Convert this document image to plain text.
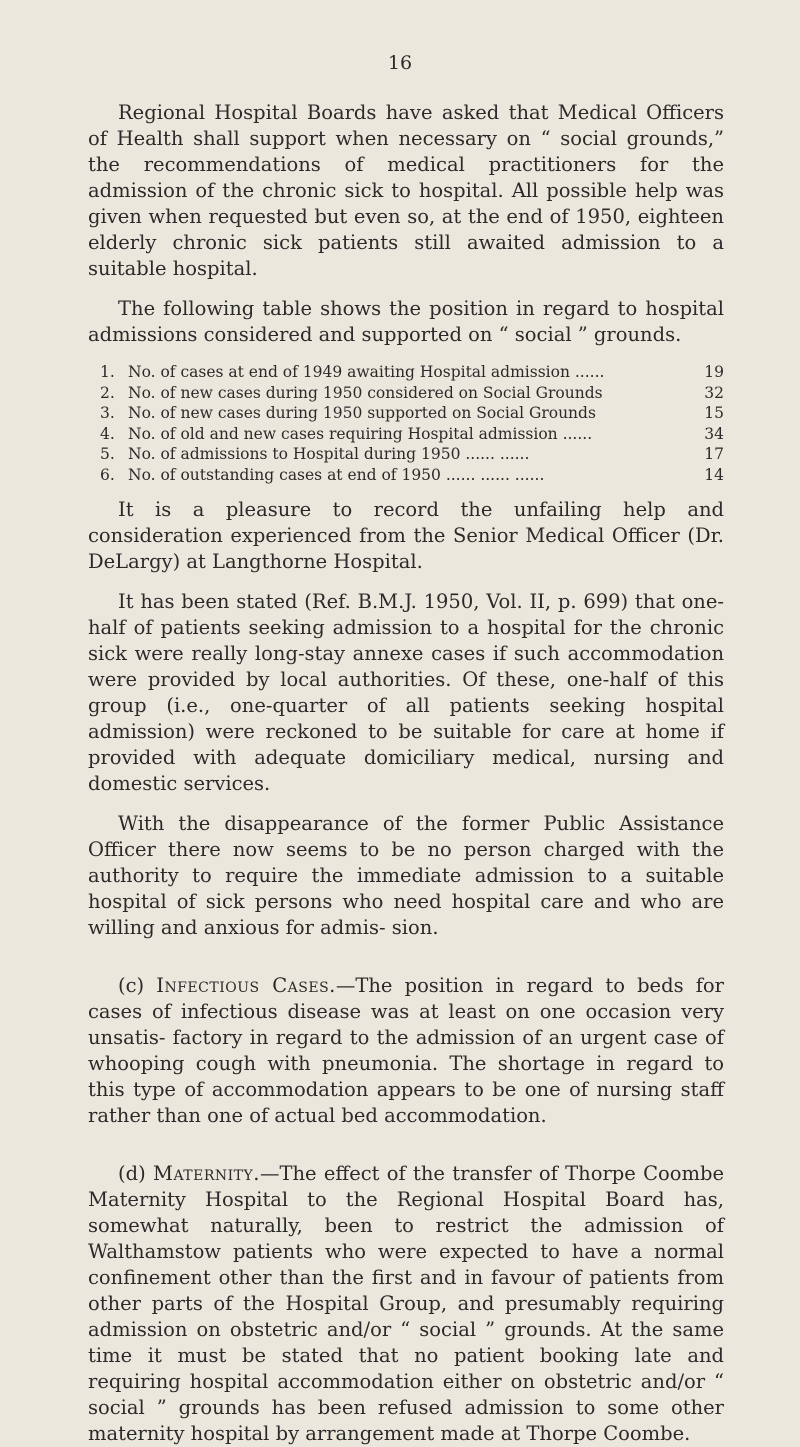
16

Regional Hospital Boards have asked that Medical Officers of Health shall support when necessary on “ social grounds,” the recommendations of medical practitioners for the admission of the chronic sick to hospital. All possible help was given when requested but even so, at the end of 1950, eighteen elderly chronic sick patients still awaited admission to a suitable hospital.

The following table shows the position in regard to hospital admissions considered and supported on “ social ” grounds.

1. No. of cases at end of 1949 awaiting Hospital admission ......	19
2. No. of new cases during 1950 considered on Social Grounds	32
3. No. of new cases during 1950 supported on Social Grounds	15
4. No. of old and new cases requiring Hospital admission ......	34
5. No. of admissions to Hospital during 1950 ...... ......	17
6. No. of outstanding cases at end of 1950 ...... ...... ......	14

It is a pleasure to record the unfailing help and consideration experienced from the Senior Medical Officer (Dr. DeLargy) at Langthorne Hospital.

It has been stated (Ref. B.M.J. 1950, Vol. II, p. 699) that one-half of patients seeking admission to a hospital for the chronic sick were really long-stay annexe cases if such accommodation were provided by local authorities. Of these, one-half of this group (i.e., one-quarter of all patients seeking hospital admission) were reckoned to be suitable for care at home if provided with adequate domiciliary medical, nursing and domestic services.

With the disappearance of the former Public Assistance Officer there now seems to be no person charged with the authority to require the immediate admission to a suitable hospital of sick persons who need hospital care and who are willing and anxious for admis- sion.

(c) Infectious Cases.—The position in regard to beds for cases of infectious disease was at least on one occasion very unsatis- factory in regard to the admission of an urgent case of whooping cough with pneumonia. The shortage in regard to this type of accommodation appears to be one of nursing staff rather than one of actual bed accommodation.

(d) Maternity.—The effect of the transfer of Thorpe Coombe Maternity Hospital to the Regional Hospital Board has, somewhat naturally, been to restrict the admission of Walthamstow patients who were expected to have a normal confinement other than the first and in favour of patients from other parts of the Hospital Group, and presumably requiring admission on obstetric and/or “ social ” grounds. At the same time it must be stated that no patient booking late and requiring hospital accommodation either on obstetric and/or “ social ” grounds has been refused admission to some other maternity hospital by arrangement made at Thorpe Coombe.
